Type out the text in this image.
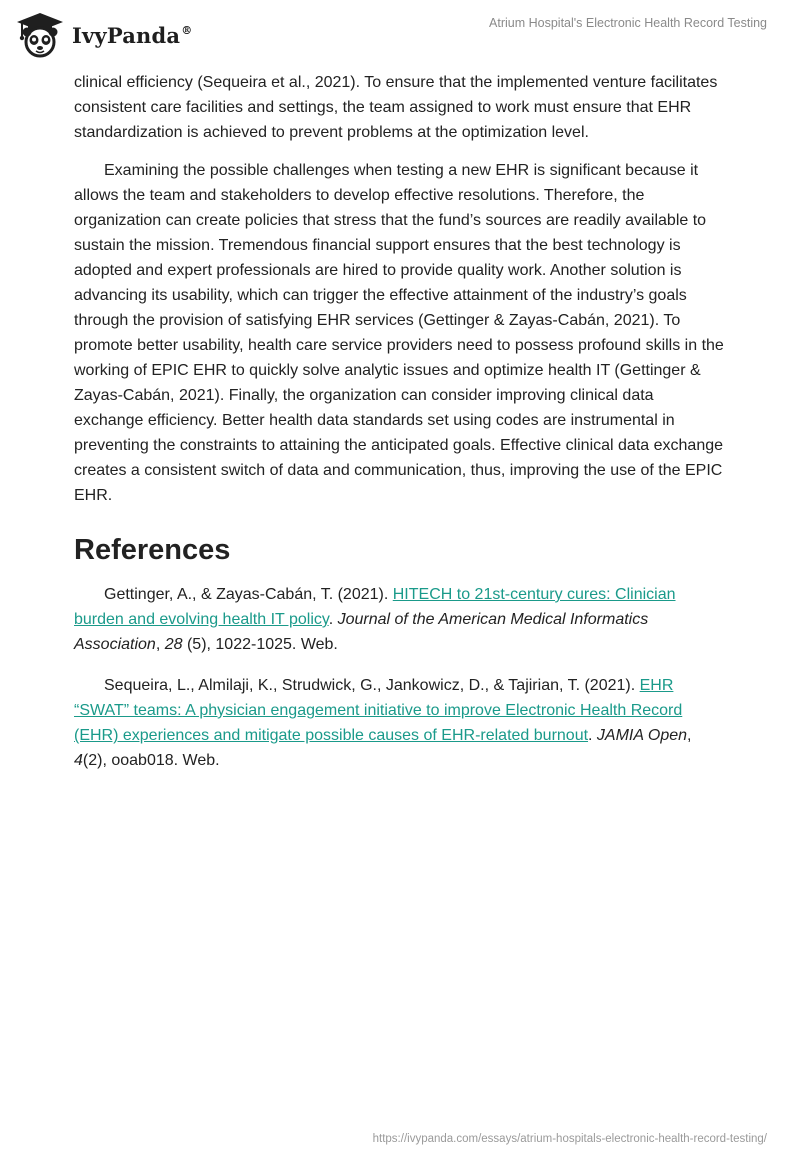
IvyPanda®	Atrium Hospital's Electronic Health Record Testing

clinical efficiency (Sequeira et al., 2021). To ensure that the implemented venture facilitates consistent care facilities and settings, the team assigned to work must ensure that EHR standardization is achieved to prevent problems at the optimization level.

Examining the possible challenges when testing a new EHR is significant because it allows the team and stakeholders to develop effective resolutions. Therefore, the organization can create policies that stress that the fund’s sources are readily available to sustain the mission. Tremendous financial support ensures that the best technology is adopted and expert professionals are hired to provide quality work. Another solution is advancing its usability, which can trigger the effective attainment of the industry’s goals through the provision of satisfying EHR services (Gettinger & Zayas-Cabán, 2021). To promote better usability, health care service providers need to possess profound skills in the working of EPIC EHR to quickly solve analytic issues and optimize health IT (Gettinger & Zayas-Cabán, 2021). Finally, the organization can consider improving clinical data exchange efficiency. Better health data standards set using codes are instrumental in preventing the constraints to attaining the anticipated goals. Effective clinical data exchange creates a consistent switch of data and communication, thus, improving the use of the EPIC EHR.

References

Gettinger, A., & Zayas-Cabán, T. (2021). HITECH to 21st-century cures: Clinician burden and evolving health IT policy. Journal of the American Medical Informatics Association, 28 (5), 1022-1025. Web.

Sequeira, L., Almilaji, K., Strudwick, G., Jankowicz, D., & Tajirian, T. (2021). EHR “SWAT” teams: A physician engagement initiative to improve Electronic Health Record (EHR) experiences and mitigate possible causes of EHR-related burnout. JAMIA Open, 4(2), ooab018. Web.

https://ivypanda.com/essays/atrium-hospitals-electronic-health-record-testing/
